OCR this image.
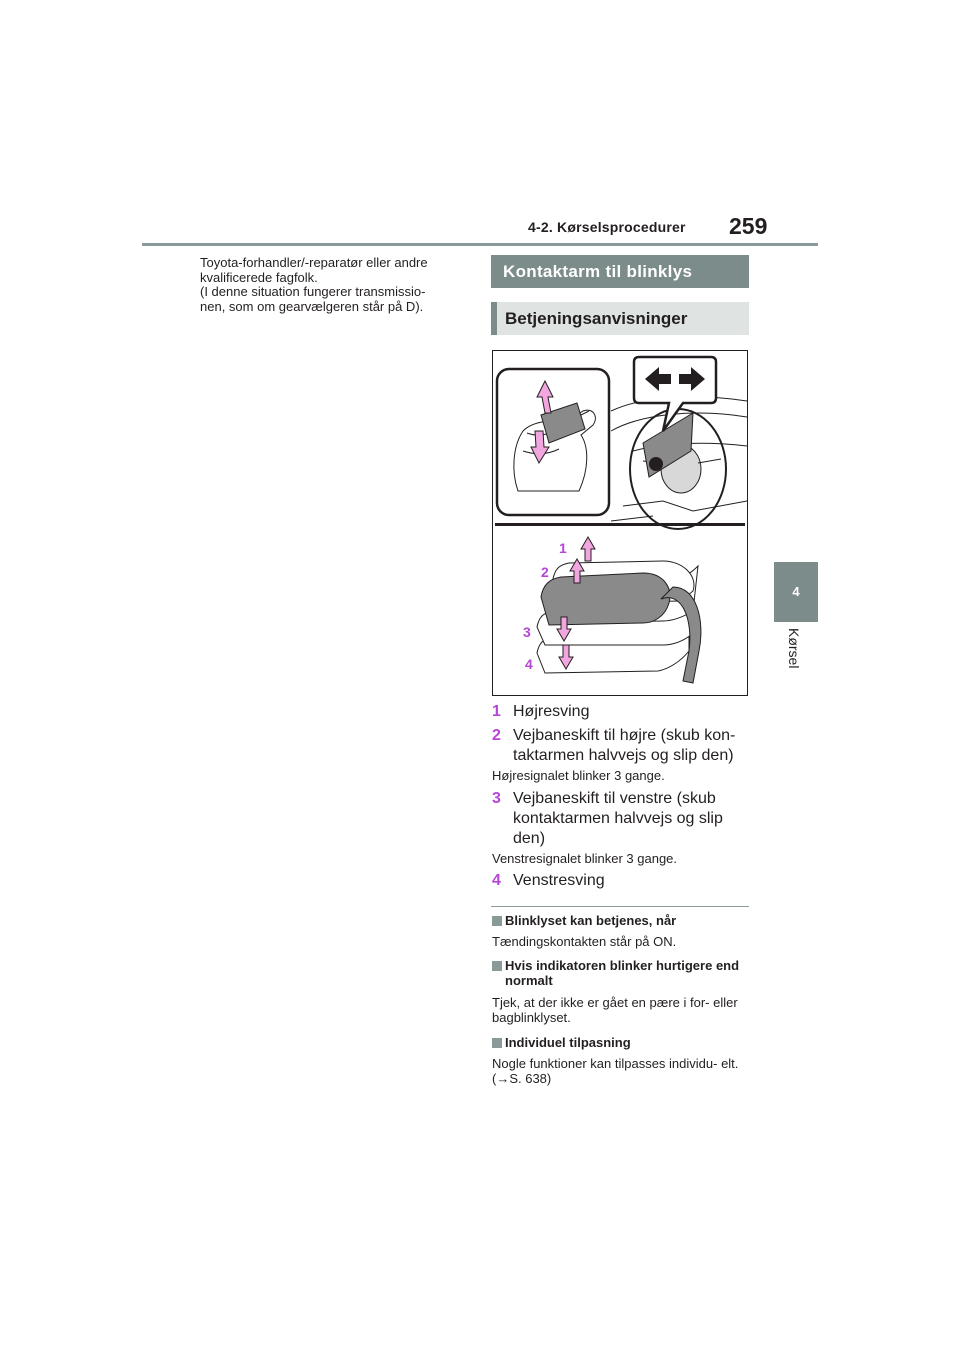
4-2. Kørselsprocedurer 259
4
Kørsel
Toyota-forhandler/-reparatør eller andre
kvalificerede fagfolk.
(I denne situation fungerer transmissio-
nen, som om gearvælgeren står på D).
Kontaktarm til blinklys
Betjeningsanvisninger
1
2
3
4
1 Højresving
2 Vejbaneskift til højre (skub kon-taktarmen halvvejs og slip den)
Højresignalet blinker 3 gange.
3 Vejbaneskift til venstre (skub kontaktarmen halvvejs og slip den)
Venstresignalet blinker 3 gange.
4 Venstresving
Blinklyset kan betjenes, når
Tændingskontakten står på ON.
Hvis indikatoren blinker hurtigere end normalt
Tjek, at der ikke er gået en pære i for- eller bagblinklyset.
Individuel tilpasning
Nogle funktioner kan tilpasses individu- elt. (→S. 638)
